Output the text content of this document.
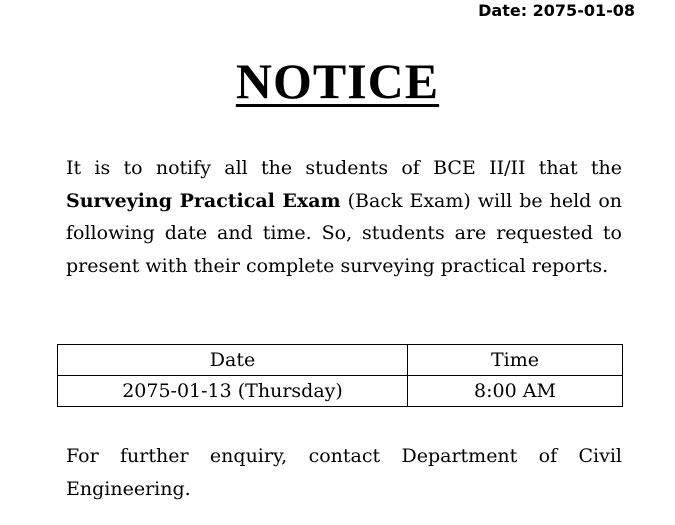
Date: 2075-01-08
NOTICE
It is to notify all the students of BCE II/II that the Surveying Practical Exam (Back Exam) will be held on following date and time. So, students are requested to present with their complete surveying practical reports.
Date	Time
2075-01-13 (Thursday)	8:00 AM
For further enquiry, contact Department of Civil Engineering.
